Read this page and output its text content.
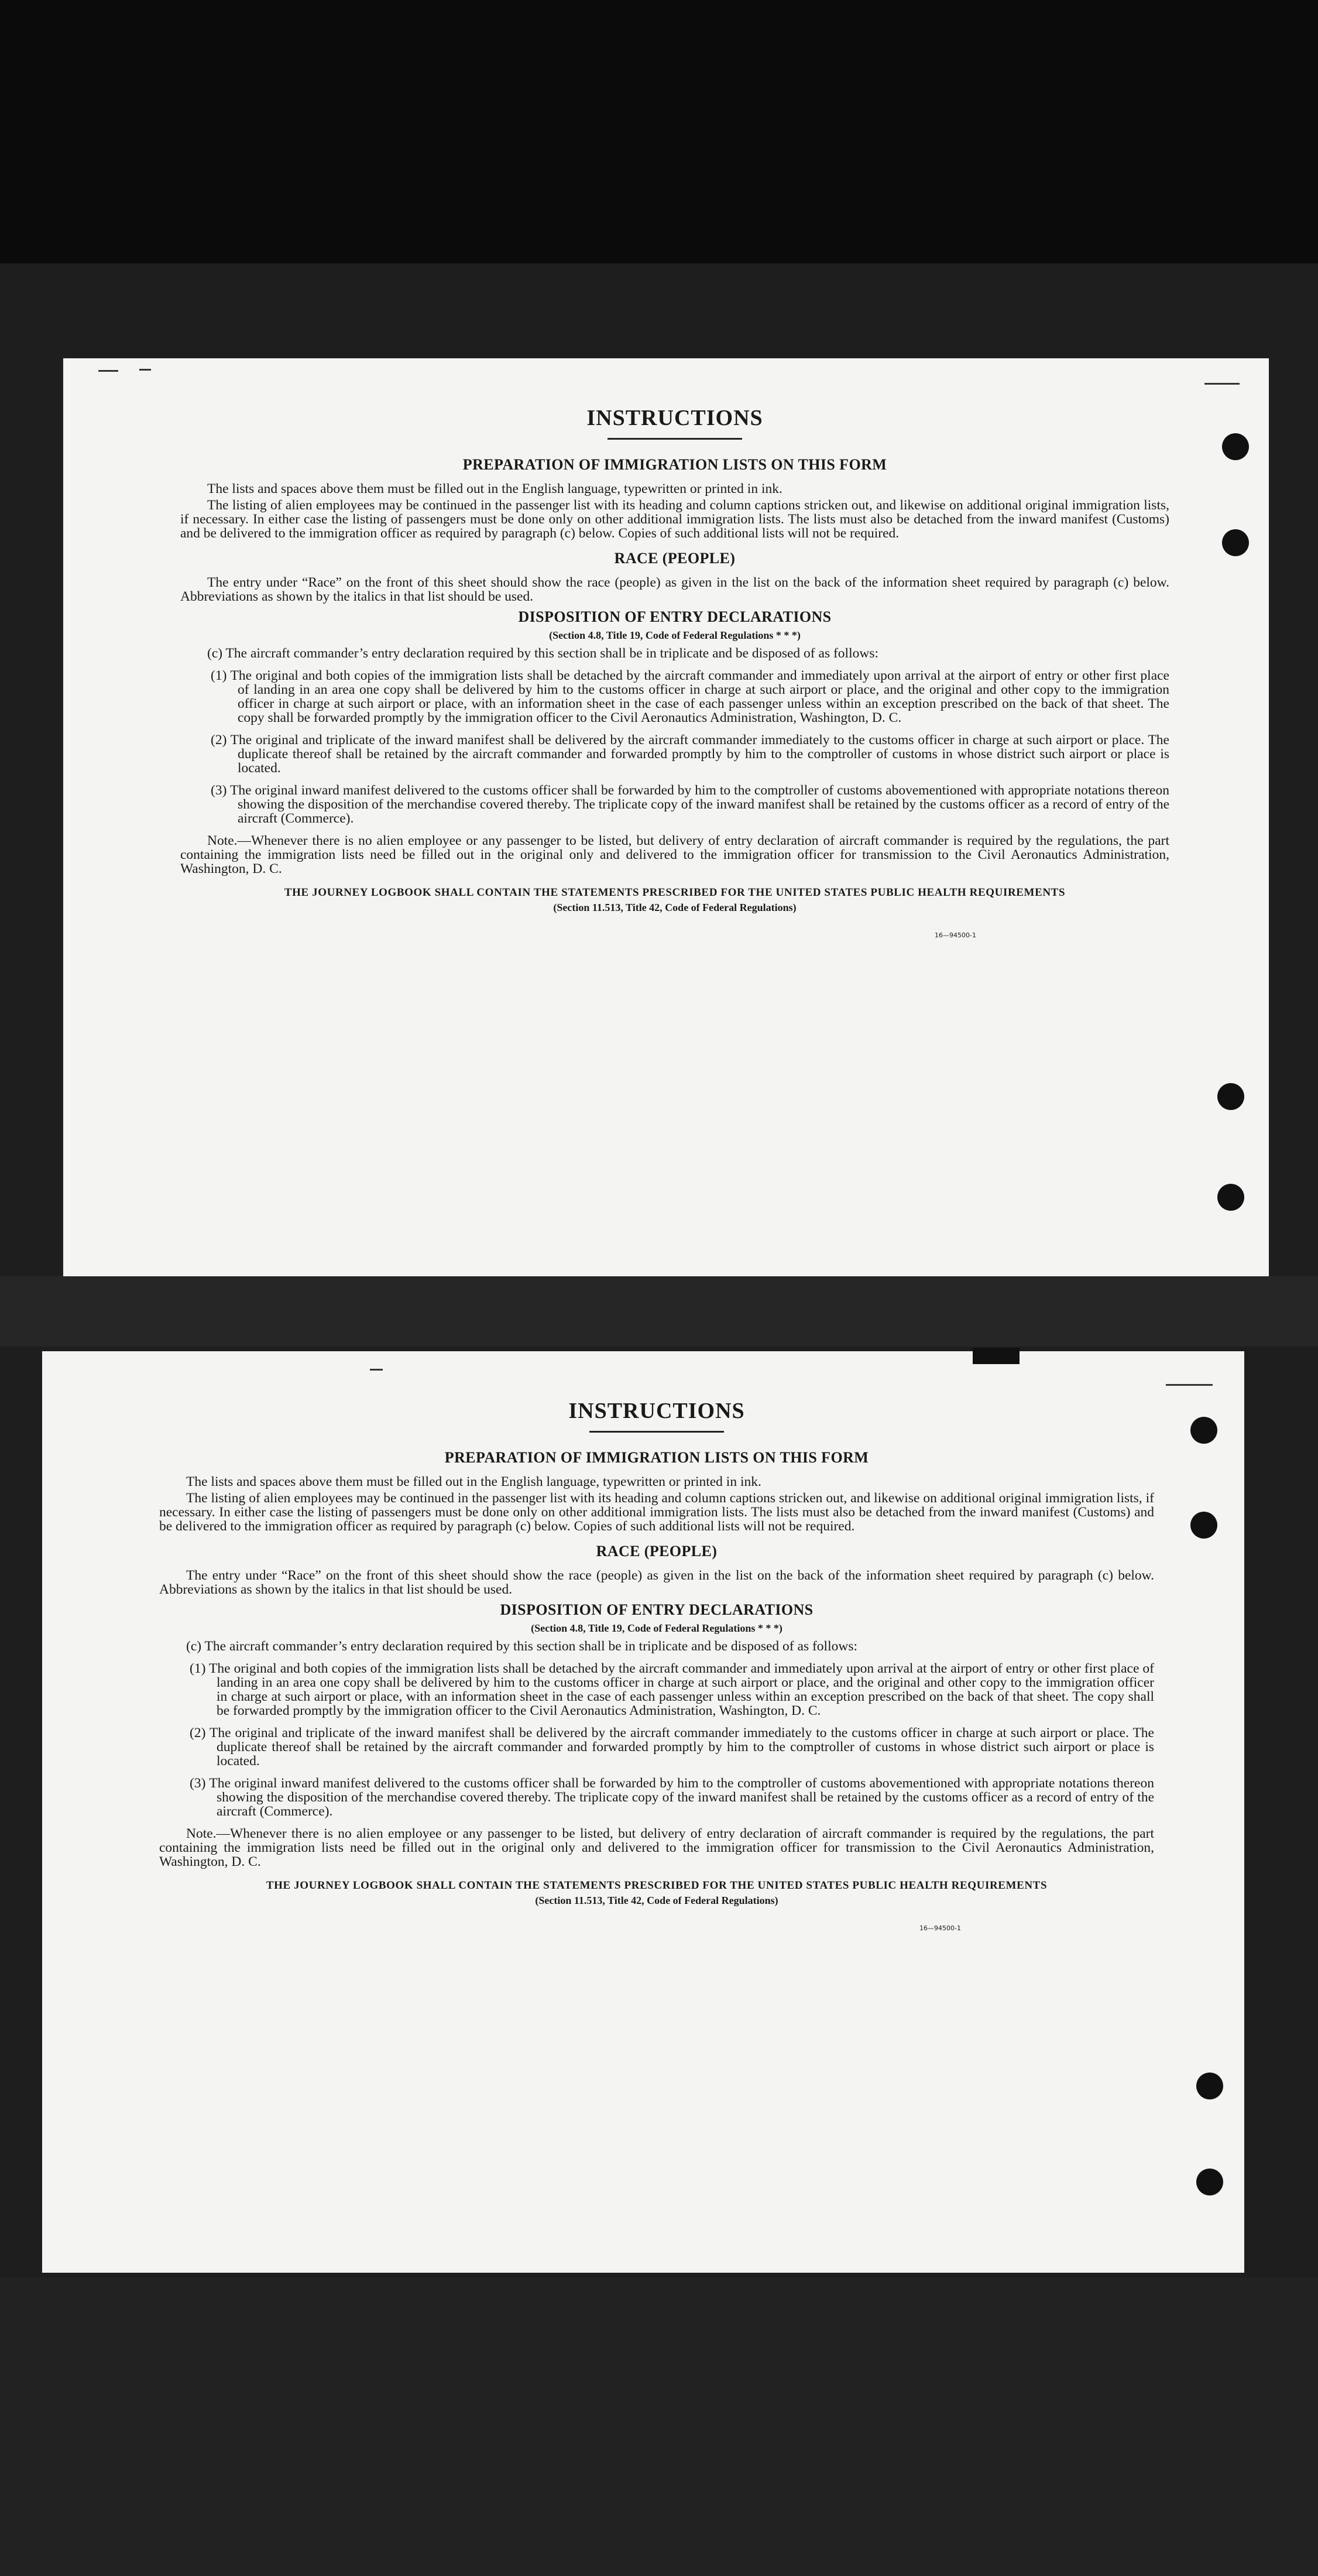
INSTRUCTIONS
PREPARATION OF IMMIGRATION LISTS ON THIS FORM

The lists and spaces above them must be filled out in the English language, typewritten or printed in ink.

The listing of alien employees may be continued in the passenger list with its heading and column captions stricken out, and likewise on additional original immigration lists, if necessary. In either case the listing of passengers must be done only on other additional immigration lists. The lists must also be detached from the inward manifest (Customs) and be delivered to the immigration officer as required by paragraph (c) below. Copies of such additional lists will not be required.

RACE (PEOPLE)

The entry under “Race” on the front of this sheet should show the race (people) as given in the list on the back of the information sheet required by paragraph (c) below. Abbreviations as shown by the italics in that list should be used.

DISPOSITION OF ENTRY DECLARATIONS
(Section 4.8, Title 19, Code of Federal Regulations * * *)

(c) The aircraft commander’s entry declaration required by this section shall be in triplicate and be disposed of as follows:

(1) The original and both copies of the immigration lists shall be detached by the aircraft commander and immediately upon arrival at the airport of entry or other first place of landing in an area one copy shall be delivered by him to the customs officer in charge at such airport or place, and the original and other copy to the immigration officer in charge at such airport or place, with an information sheet in the case of each passenger unless within an exception prescribed on the back of that sheet. The copy shall be forwarded promptly by the immigration officer to the Civil Aeronautics Administration, Washington, D. C.
(2) The original and triplicate of the inward manifest shall be delivered by the aircraft commander immediately to the customs officer in charge at such airport or place. The duplicate thereof shall be retained by the aircraft commander and forwarded promptly by him to the comptroller of customs in whose district such airport or place is located.
(3) The original inward manifest delivered to the customs officer shall be forwarded by him to the comptroller of customs abovementioned with appropriate notations thereon showing the disposition of the merchandise covered thereby. The triplicate copy of the inward manifest shall be retained by the customs officer as a record of entry of the aircraft (Commerce).

Note.—Whenever there is no alien employee or any passenger to be listed, but delivery of entry declaration of aircraft commander is required by the regulations, the part containing the immigration lists need be filled out in the original only and delivered to the immigration officer for transmission to the Civil Aeronautics Administration, Washington, D. C.

THE JOURNEY LOGBOOK SHALL CONTAIN THE STATEMENTS PRESCRIBED FOR THE UNITED STATES PUBLIC HEALTH REQUIREMENTS
(Section 11.513, Title 42, Code of Federal Regulations)

16—94500-1

INSTRUCTIONS
PREPARATION OF IMMIGRATION LISTS ON THIS FORM

The lists and spaces above them must be filled out in the English language, typewritten or printed in ink.

The listing of alien employees may be continued in the passenger list with its heading and column captions stricken out, and likewise on additional original immigration lists, if necessary. In either case the listing of passengers must be done only on other additional immigration lists. The lists must also be detached from the inward manifest (Customs) and be delivered to the immigration officer as required by paragraph (c) below. Copies of such additional lists will not be required.

RACE (PEOPLE)

The entry under “Race” on the front of this sheet should show the race (people) as given in the list on the back of the information sheet required by paragraph (c) below. Abbreviations as shown by the italics in that list should be used.

DISPOSITION OF ENTRY DECLARATIONS
(Section 4.8, Title 19, Code of Federal Regulations * * *)

(c) The aircraft commander’s entry declaration required by this section shall be in triplicate and be disposed of as follows:

(1) The original and both copies of the immigration lists shall be detached by the aircraft commander and immediately upon arrival at the airport of entry or other first place of landing in an area one copy shall be delivered by him to the customs officer in charge at such airport or place, and the original and other copy to the immigration officer in charge at such airport or place, with an information sheet in the case of each passenger unless within an exception prescribed on the back of that sheet. The copy shall be forwarded promptly by the immigration officer to the Civil Aeronautics Administration, Washington, D. C.
(2) The original and triplicate of the inward manifest shall be delivered by the aircraft commander immediately to the customs officer in charge at such airport or place. The duplicate thereof shall be retained by the aircraft commander and forwarded promptly by him to the comptroller of customs in whose district such airport or place is located.
(3) The original inward manifest delivered to the customs officer shall be forwarded by him to the comptroller of customs abovementioned with appropriate notations thereon showing the disposition of the merchandise covered thereby. The triplicate copy of the inward manifest shall be retained by the customs officer as a record of entry of the aircraft (Commerce).

Note.—Whenever there is no alien employee or any passenger to be listed, but delivery of entry declaration of aircraft commander is required by the regulations, the part containing the immigration lists need be filled out in the original only and delivered to the immigration officer for transmission to the Civil Aeronautics Administration, Washington, D. C.

THE JOURNEY LOGBOOK SHALL CONTAIN THE STATEMENTS PRESCRIBED FOR THE UNITED STATES PUBLIC HEALTH REQUIREMENTS
(Section 11.513, Title 42, Code of Federal Regulations)

16—94500-1
